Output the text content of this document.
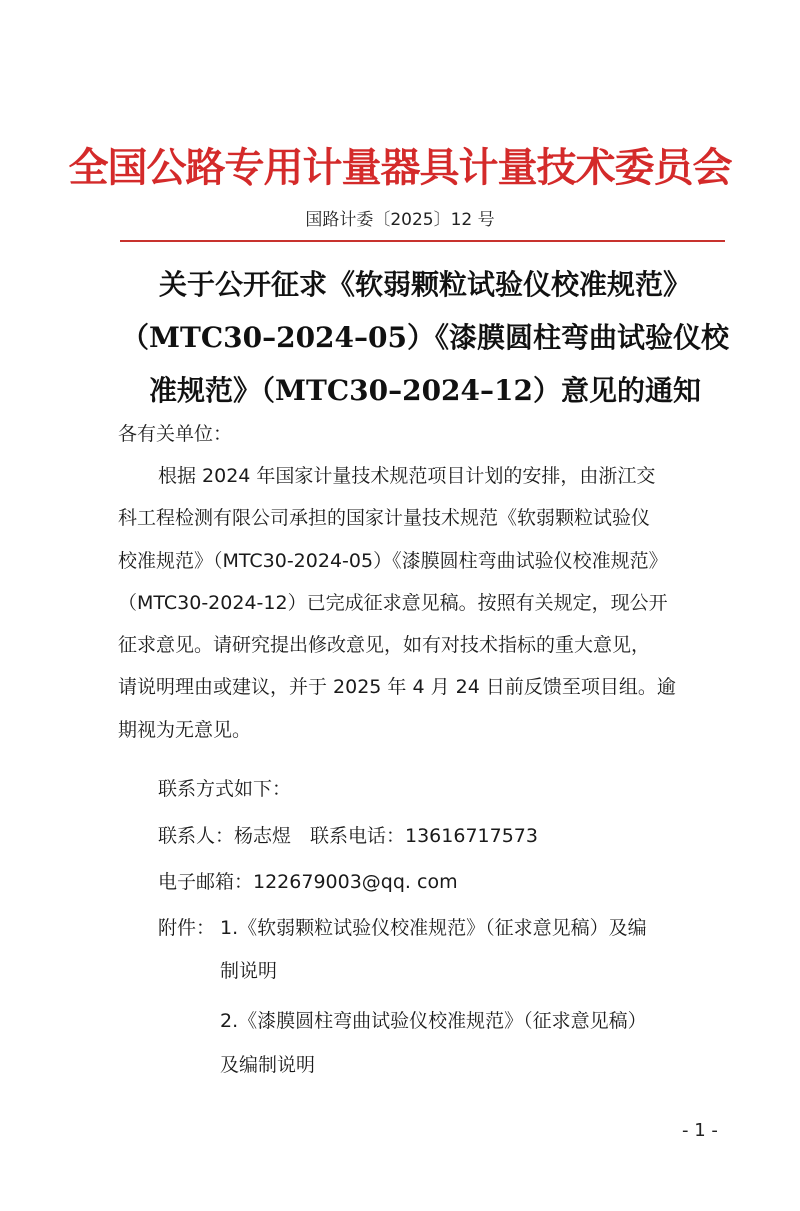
全国公路专用计量器具计量技术委员会
国路计委〔2025〕12 号
关于公开征求《软弱颗粒试验仪校准规范》
（MTC30–2024–05）《漆膜圆柱弯曲试验仪校
准规范》（MTC30–2024–12）意见的通知
各有关单位：
根据 2024 年国家计量技术规范项目计划的安排，由浙江交
科工程检测有限公司承担的国家计量技术规范《软弱颗粒试验仪
校准规范》（MTC30-2024-05）《漆膜圆柱弯曲试验仪校准规范》
（MTC30-2024-12）已完成征求意见稿。按照有关规定，现公开
征求意见。请研究提出修改意见，如有对技术指标的重大意见，
请说明理由或建议，并于 2025 年 4 月 24 日前反馈至项目组。逾
期视为无意见。
联系方式如下：
联系人：杨志煜　联系电话：13616717573
电子邮箱：122679003@qq. com
附件： 1.《软弱颗粒试验仪校准规范》（征求意见稿）及编
制说明
2.《漆膜圆柱弯曲试验仪校准规范》（征求意见稿）
及编制说明
- 1 -
